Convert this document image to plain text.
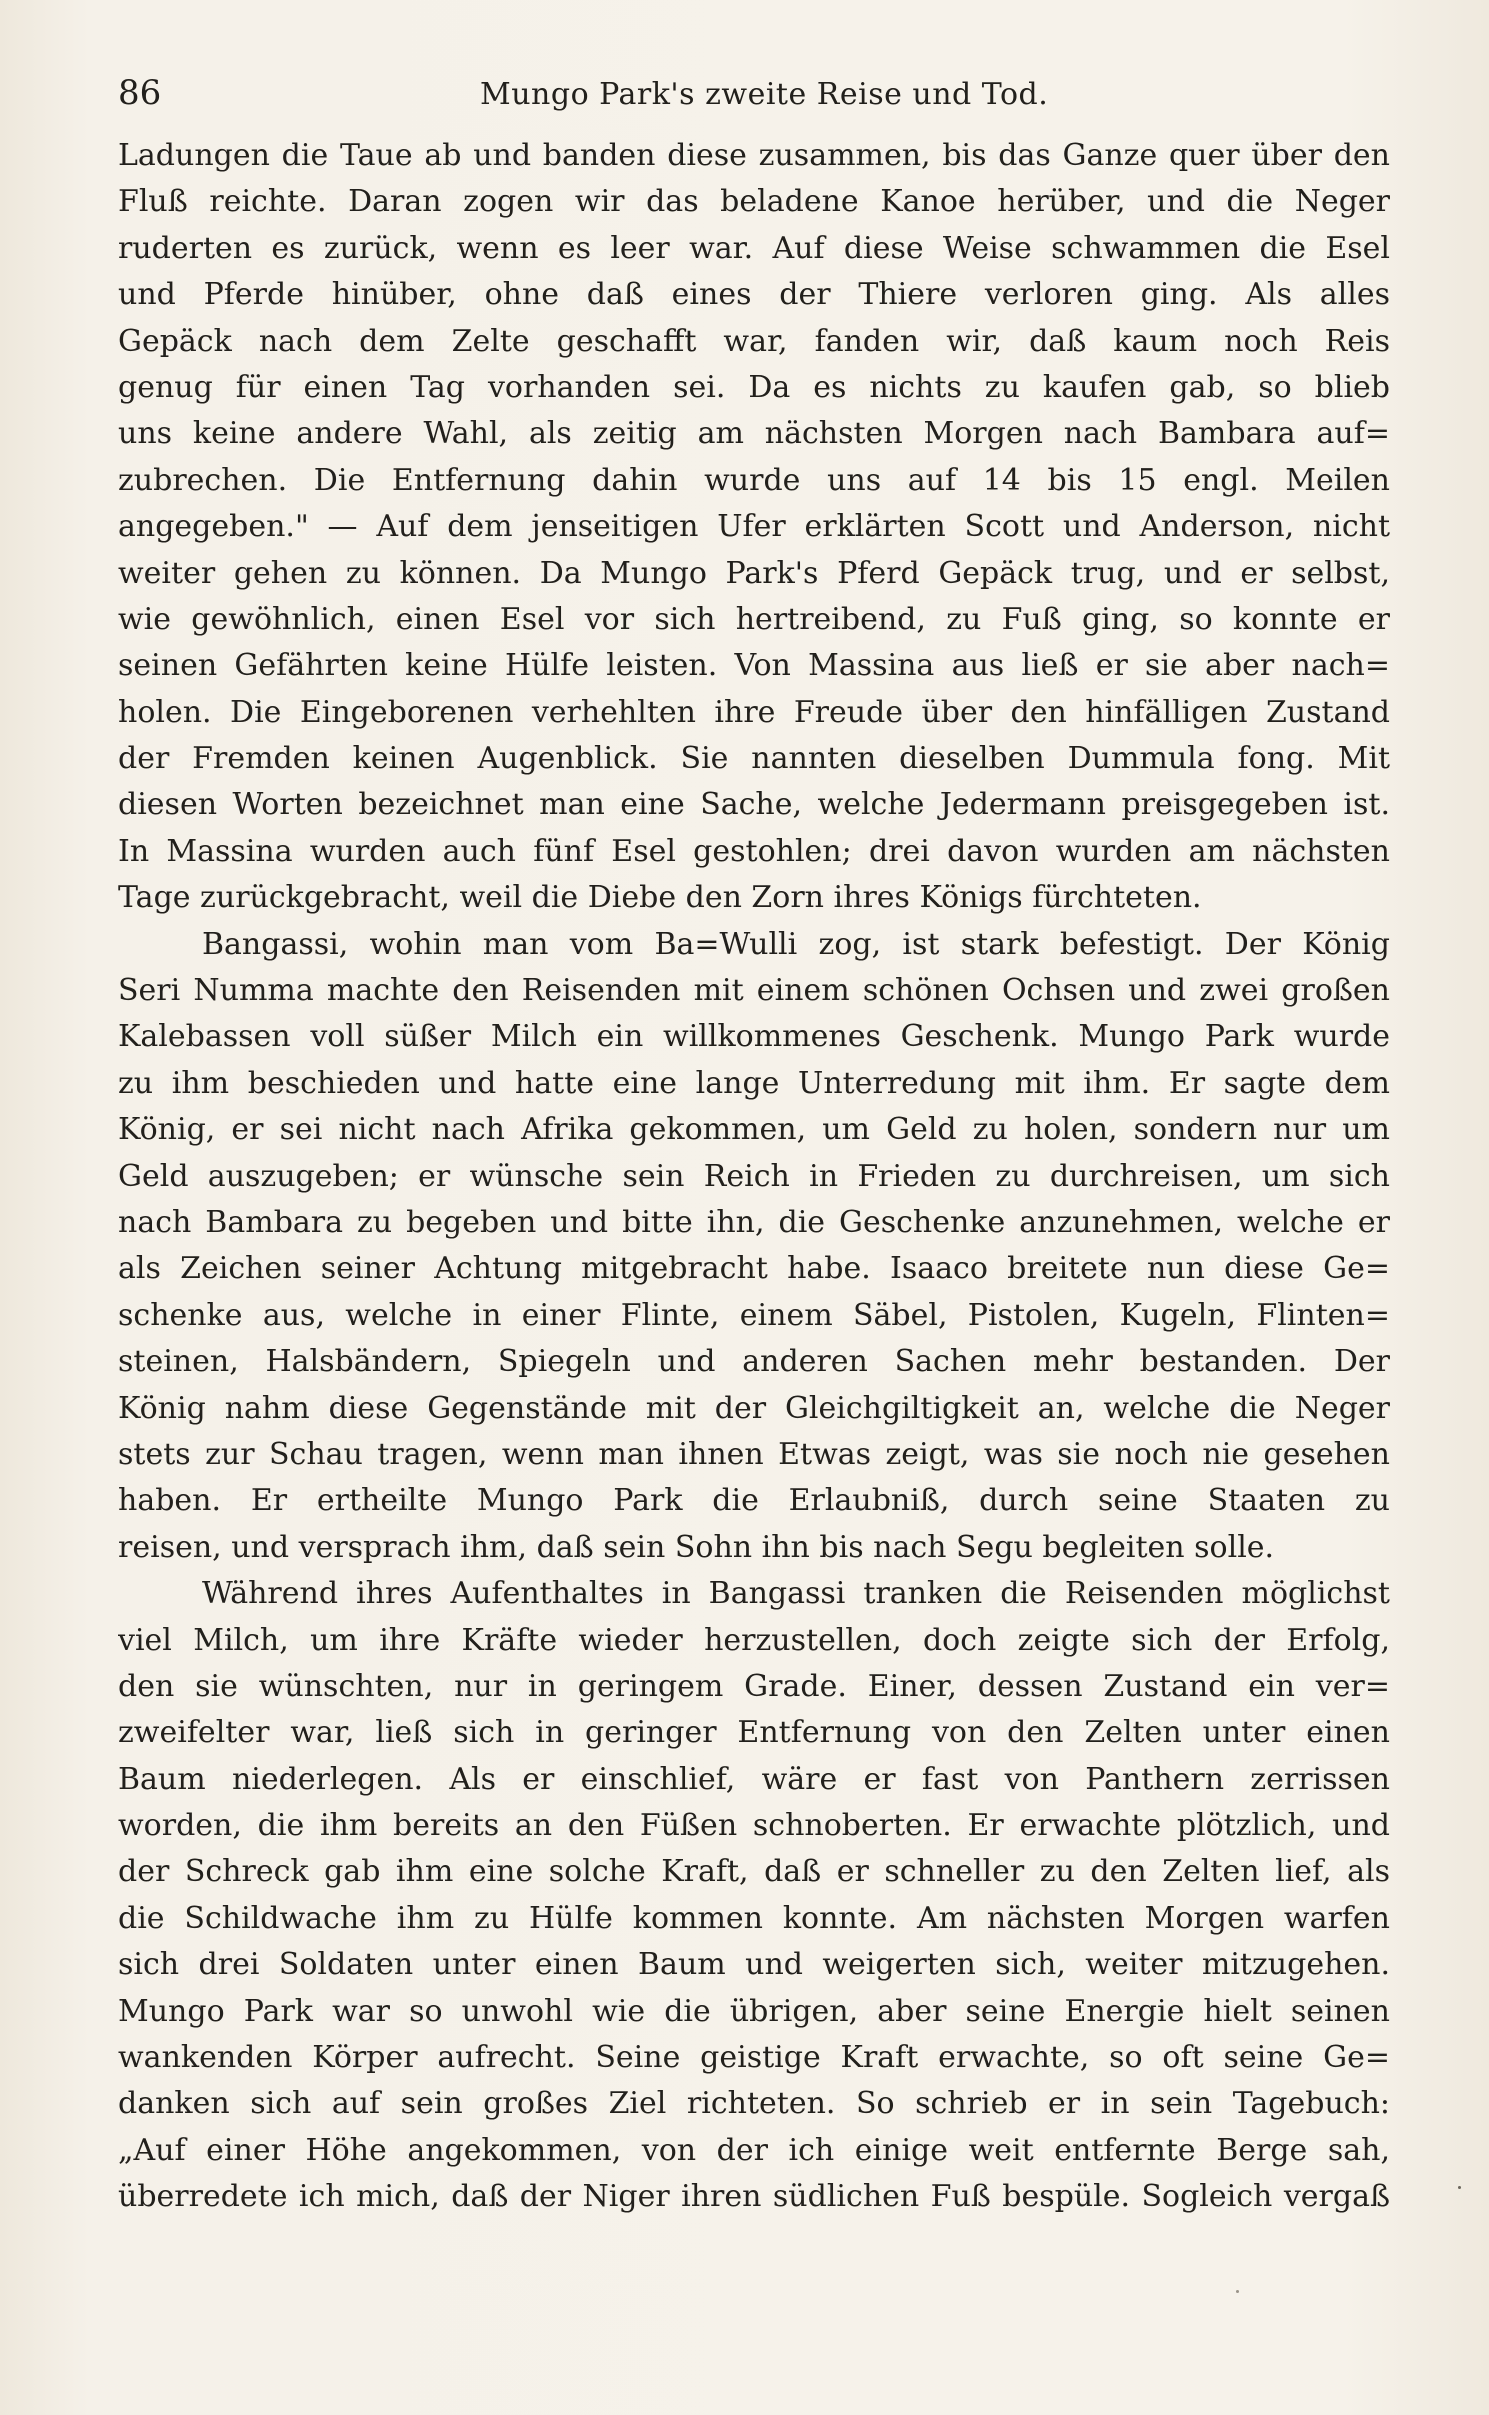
86	Mungo Park's zweite Reise und Tod.
Ladungen die Taue ab und banden diese zusammen, bis das Ganze quer über den
Fluß reichte. Daran zogen wir das beladene Kanoe herüber, und die Neger
ruderten es zurück, wenn es leer war. Auf diese Weise schwammen die Esel
und Pferde hinüber, ohne daß eines der Thiere verloren ging. Als alles
Gepäck nach dem Zelte geschafft war, fanden wir, daß kaum noch Reis
genug für einen Tag vorhanden sei. Da es nichts zu kaufen gab, so blieb
uns keine andere Wahl, als zeitig am nächsten Morgen nach Bambara auf=
zubrechen. Die Entfernung dahin wurde uns auf 14 bis 15 engl. Meilen
angegeben." — Auf dem jenseitigen Ufer erklärten Scott und Anderson, nicht
weiter gehen zu können. Da Mungo Park's Pferd Gepäck trug, und er selbst,
wie gewöhnlich, einen Esel vor sich hertreibend, zu Fuß ging, so konnte er
seinen Gefährten keine Hülfe leisten. Von Massina aus ließ er sie aber nach=
holen. Die Eingeborenen verhehlten ihre Freude über den hinfälligen Zustand
der Fremden keinen Augenblick. Sie nannten dieselben Dummula fong. Mit
diesen Worten bezeichnet man eine Sache, welche Jedermann preisgegeben ist.
In Massina wurden auch fünf Esel gestohlen; drei davon wurden am nächsten
Tage zurückgebracht, weil die Diebe den Zorn ihres Königs fürchteten.
Bangassi, wohin man vom Ba=Wulli zog, ist stark befestigt. Der König
Seri Numma machte den Reisenden mit einem schönen Ochsen und zwei großen
Kalebassen voll süßer Milch ein willkommenes Geschenk. Mungo Park wurde
zu ihm beschieden und hatte eine lange Unterredung mit ihm. Er sagte dem
König, er sei nicht nach Afrika gekommen, um Geld zu holen, sondern nur um
Geld auszugeben; er wünsche sein Reich in Frieden zu durchreisen, um sich
nach Bambara zu begeben und bitte ihn, die Geschenke anzunehmen, welche er
als Zeichen seiner Achtung mitgebracht habe. Isaaco breitete nun diese Ge=
schenke aus, welche in einer Flinte, einem Säbel, Pistolen, Kugeln, Flinten=
steinen, Halsbändern, Spiegeln und anderen Sachen mehr bestanden. Der
König nahm diese Gegenstände mit der Gleichgiltigkeit an, welche die Neger
stets zur Schau tragen, wenn man ihnen Etwas zeigt, was sie noch nie gesehen
haben. Er ertheilte Mungo Park die Erlaubniß, durch seine Staaten zu
reisen, und versprach ihm, daß sein Sohn ihn bis nach Segu begleiten solle.
Während ihres Aufenthaltes in Bangassi tranken die Reisenden möglichst
viel Milch, um ihre Kräfte wieder herzustellen, doch zeigte sich der Erfolg,
den sie wünschten, nur in geringem Grade. Einer, dessen Zustand ein ver=
zweifelter war, ließ sich in geringer Entfernung von den Zelten unter einen
Baum niederlegen. Als er einschlief, wäre er fast von Panthern zerrissen
worden, die ihm bereits an den Füßen schnoberten. Er erwachte plötzlich, und
der Schreck gab ihm eine solche Kraft, daß er schneller zu den Zelten lief, als
die Schildwache ihm zu Hülfe kommen konnte. Am nächsten Morgen warfen
sich drei Soldaten unter einen Baum und weigerten sich, weiter mitzugehen.
Mungo Park war so unwohl wie die übrigen, aber seine Energie hielt seinen
wankenden Körper aufrecht. Seine geistige Kraft erwachte, so oft seine Ge=
danken sich auf sein großes Ziel richteten. So schrieb er in sein Tagebuch:
„Auf einer Höhe angekommen, von der ich einige weit entfernte Berge sah,
überredete ich mich, daß der Niger ihren südlichen Fuß bespüle. Sogleich vergaß
